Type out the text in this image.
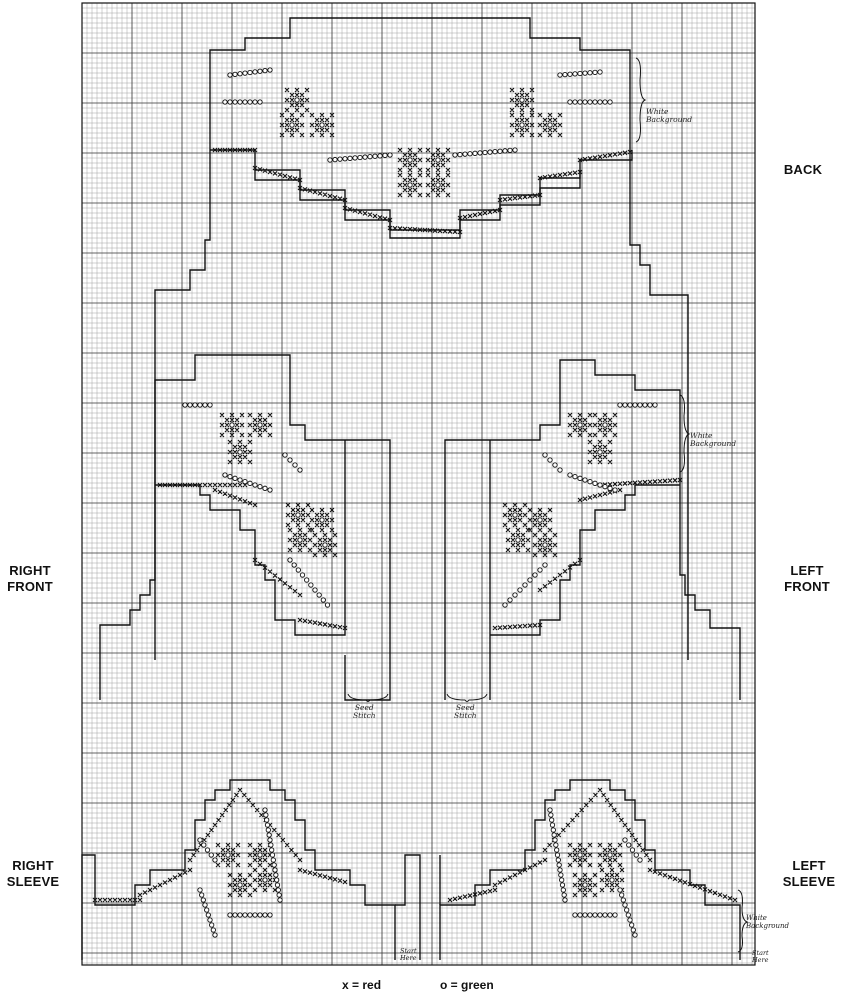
BACK
RIGHT
FRONT
LEFT
FRONT
RIGHT
SLEEVE
LEFT
SLEEVE
White
Background
White
Background
Seed
Stitch
Seed
Stitch
Start
Here
White
Background
Start
Here
x = red	o = green
